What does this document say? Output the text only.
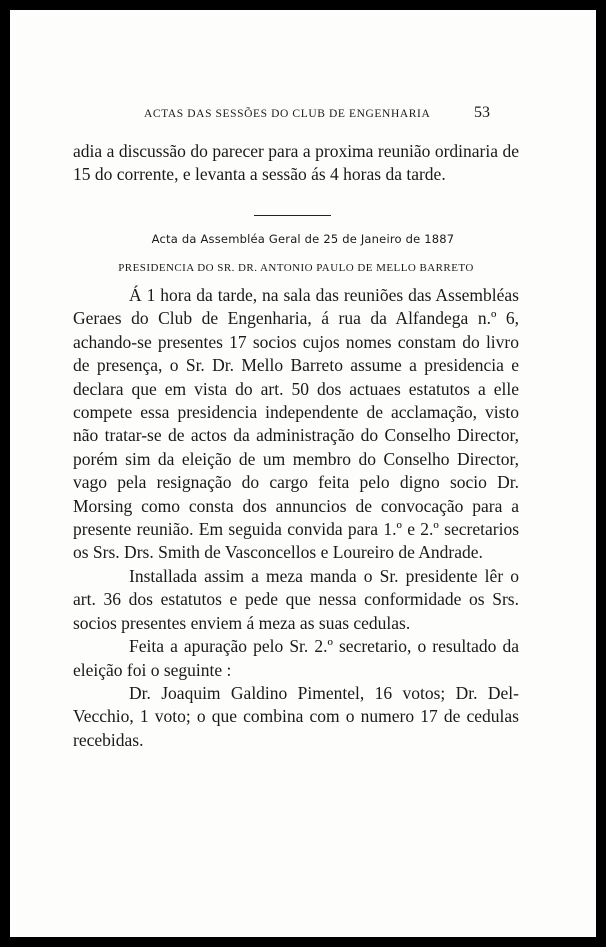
ACTAS DAS SESSÕES DO CLUB DE ENGENHARIA	53

adia a discussão do parecer para a proxima reunião ordinaria de 15 do corrente, e levanta a sessão ás 4 horas da tarde.

Acta da Assembléa Geral de 25 de Janeiro de 1887
PRESIDENCIA DO SR. DR. ANTONIO PAULO DE MELLO BARRETO

Á 1 hora da tarde, na sala das reuniões das Assembléas Geraes do Club de Engenharia, á rua da Alfandega n.º 6, achando-se presentes 17 socios cujos nomes constam do livro de presença, o Sr. Dr. Mello Barreto assume a presidencia e declara que em vista do art. 50 dos actuaes estatutos a elle compete essa presidencia independente de acclamação, visto não tratar-se de actos da administração do Conselho Director, porém sim da eleição de um membro do Conselho Director, vago pela resignação do cargo feita pelo digno socio Dr. Morsing como consta dos annuncios de convocação para a presente reunião. Em seguida convida para 1.º e 2.º secretarios os Srs. Drs. Smith de Vasconcellos e Loureiro de Andrade.

Installada assim a meza manda o Sr. presidente lêr o art. 36 dos estatutos e pede que nessa conformidade os Srs. socios presentes enviem á meza as suas cedulas.

Feita a apuração pelo Sr. 2.º secretario, o resultado da eleição foi o seguinte :

Dr. Joaquim Galdino Pimentel, 16 votos; Dr. Del-Vecchio, 1 voto; o que combina com o numero 17 de cedulas recebidas.
